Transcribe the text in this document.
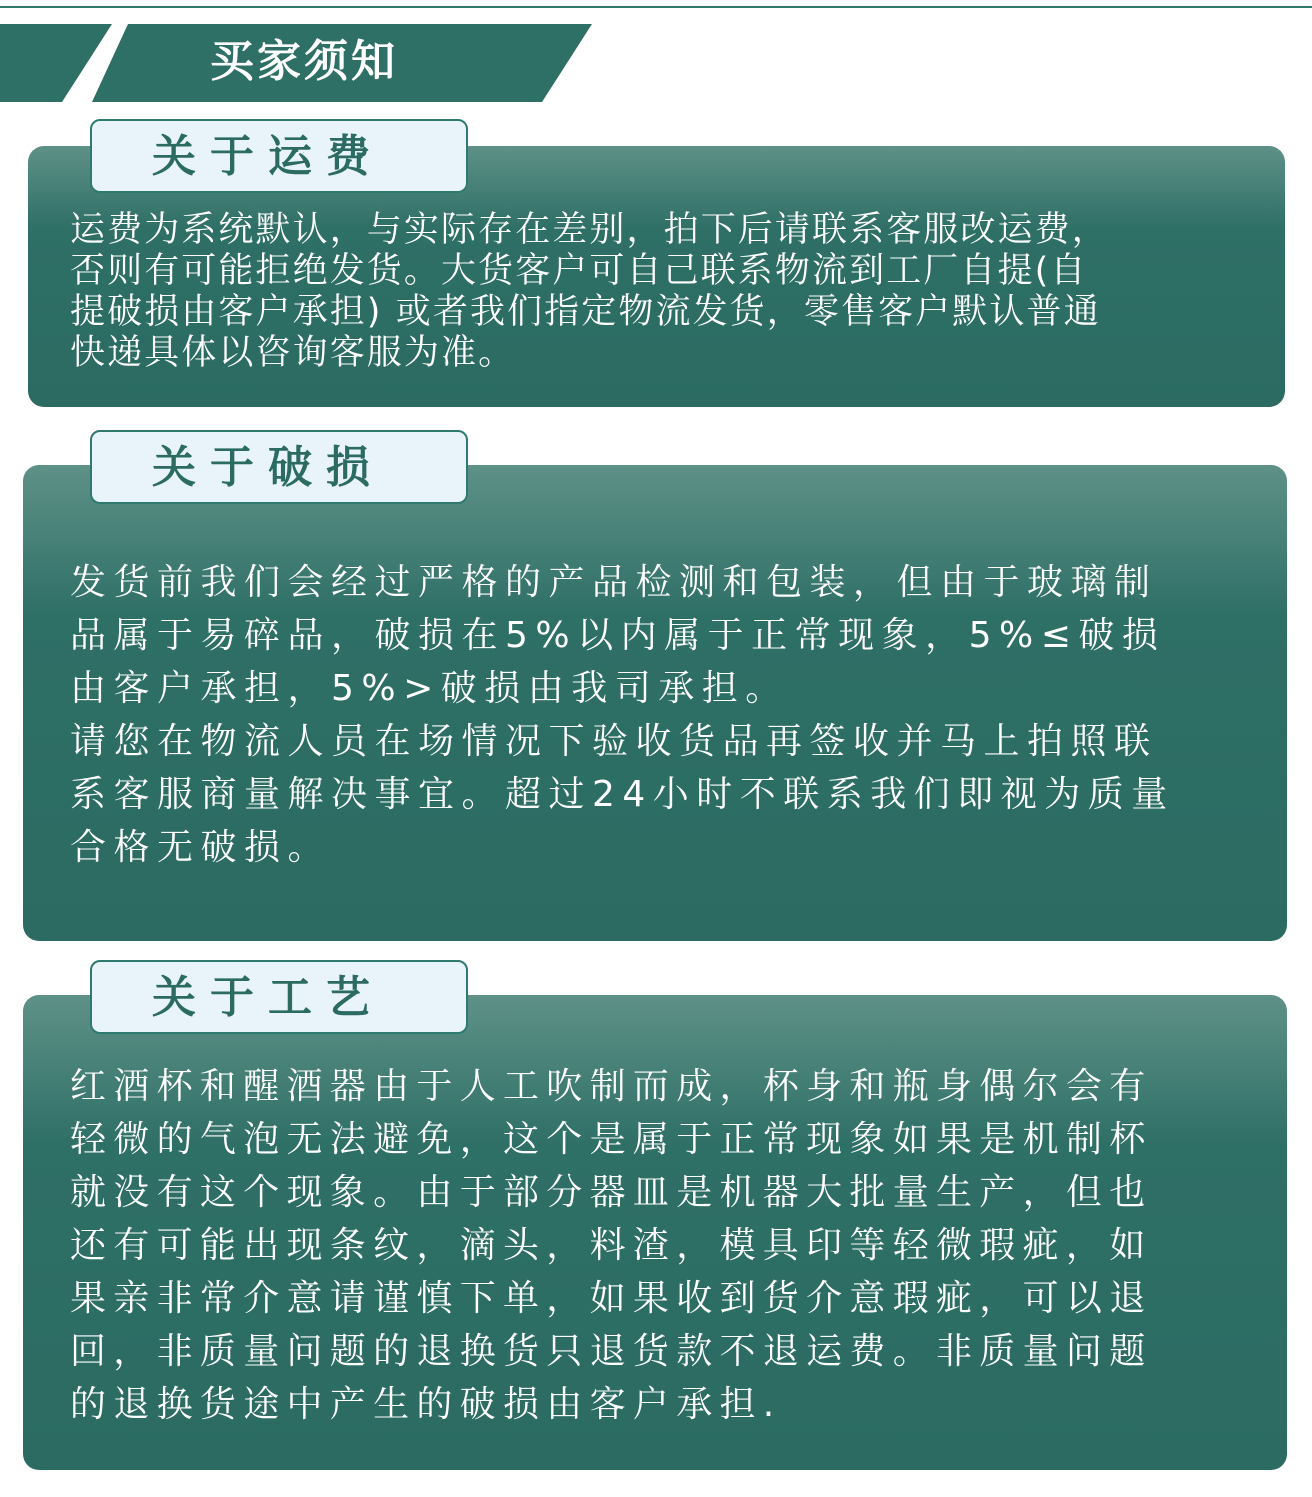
买家须知
关于运费
运费为系统默认，与实际存在差别，拍下后请联系客服改运费，
否则有可能拒绝发货。大货客户可自己联系物流到工厂自提(自
提破损由客户承担) 或者我们指定物流发货，零售客户默认普通
快递具体以咨询客服为准。
关于破损
发货前我们会经过严格的产品检测和包装，但由于玻璃制
品属于易碎品，破损在5%以内属于正常现象，5%≤破损
由客户承担，5%>破损由我司承担。
请您在物流人员在场情况下验收货品再签收并马上拍照联
系客服商量解决事宜。超过24小时不联系我们即视为质量
合格无破损。
关于工艺
红酒杯和醒酒器由于人工吹制而成，杯身和瓶身偶尔会有
轻微的气泡无法避免，这个是属于正常现象如果是机制杯
就没有这个现象。由于部分器皿是机器大批量生产，但也
还有可能出现条纹，滴头，料渣，模具印等轻微瑕疵，如
果亲非常介意请谨慎下单，如果收到货介意瑕疵，可以退
回，非质量问题的退换货只退货款不退运费。非质量问题
的退换货途中产生的破损由客户承担.
